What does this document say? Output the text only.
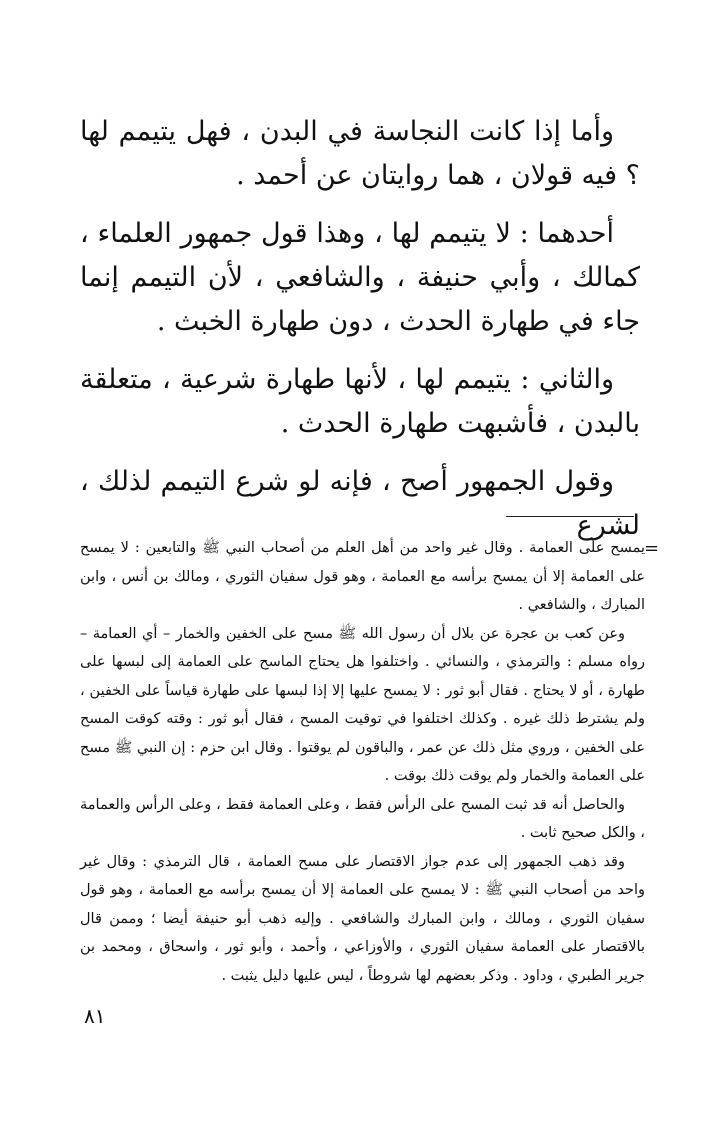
وأما إذا كانت النجاسة في البدن ، فهل يتيمم لها ؟ فيه قولان ، هما روايتان عن أحمد .

أحدهما : لا يتيمم لها ، وهذا قول جمهور العلماء ، كمالك ، وأبي حنيفة ، والشافعي ، لأن التيمم إنما جاء في طهارة الحدث ، دون طهارة الخبث .

والثاني : يتيمم لها ، لأنها طهارة شرعية ، متعلقة بالبدن ، فأشبهت طهارة الحدث .

وقول الجمهور أصح ، فإنه لو شرع التيمم لذلك ، لشرع

=

يمسح على العمامة . وقال غير واحد من أهل العلم من أصحاب النبي ﷺ والتابعين : لا يمسح على العمامة إلا أن يمسح برأسه مع العمامة ، وهو قول سفيان الثوري ، ومالك بن أنس ، وابن المبارك ، والشافعي .

وعن كعب بن عجرة عن بلال أن رسول الله ﷺ مسح على الخفين والخمار – أي العمامة – رواه مسلم : والترمذي ، والنسائي . واختلفوا هل يحتاج الماسح على العمامة إلى لبسها على طهارة ، أو لا يحتاج . فقال أبو ثور : لا يمسح عليها إلا إذا لبسها على طهارة قياساً على الخفين ، ولم يشترط ذلك غيره . وكذلك اختلفوا في توقيت المسح ، فقال أبو ثور : وقته كوقت المسح على الخفين ، وروي مثل ذلك عن عمر ، والباقون لم يوقتوا . وقال ابن حزم : إن النبي ﷺ مسح على العمامة والخمار ولم يوقت ذلك بوقت .

والحاصل أنه قد ثبت المسح على الرأس فقط ، وعلى العمامة فقط ، وعلى الرأس والعمامة ، والكل صحيح ثابت .

وقد ذهب الجمهور إلى عدم جواز الاقتصار على مسح العمامة ، قال الترمذي : وقال غير واحد من أصحاب النبي ﷺ : لا يمسح على العمامة إلا أن يمسح برأسه مع العمامة ، وهو قول سفيان الثوري ، ومالك ، وابن المبارك والشافعي . وإليه ذهب أبو حنيفة أيضا ؛ وممن قال بالاقتصار على العمامة سفيان الثوري ، والأوزاعي ، وأحمد ، وأبو ثور ، واسحاق ، ومحمد بن جرير الطبري ، وداود . وذكر بعضهم لها شروطاً ، ليس عليها دليل يثبت .

٨١
